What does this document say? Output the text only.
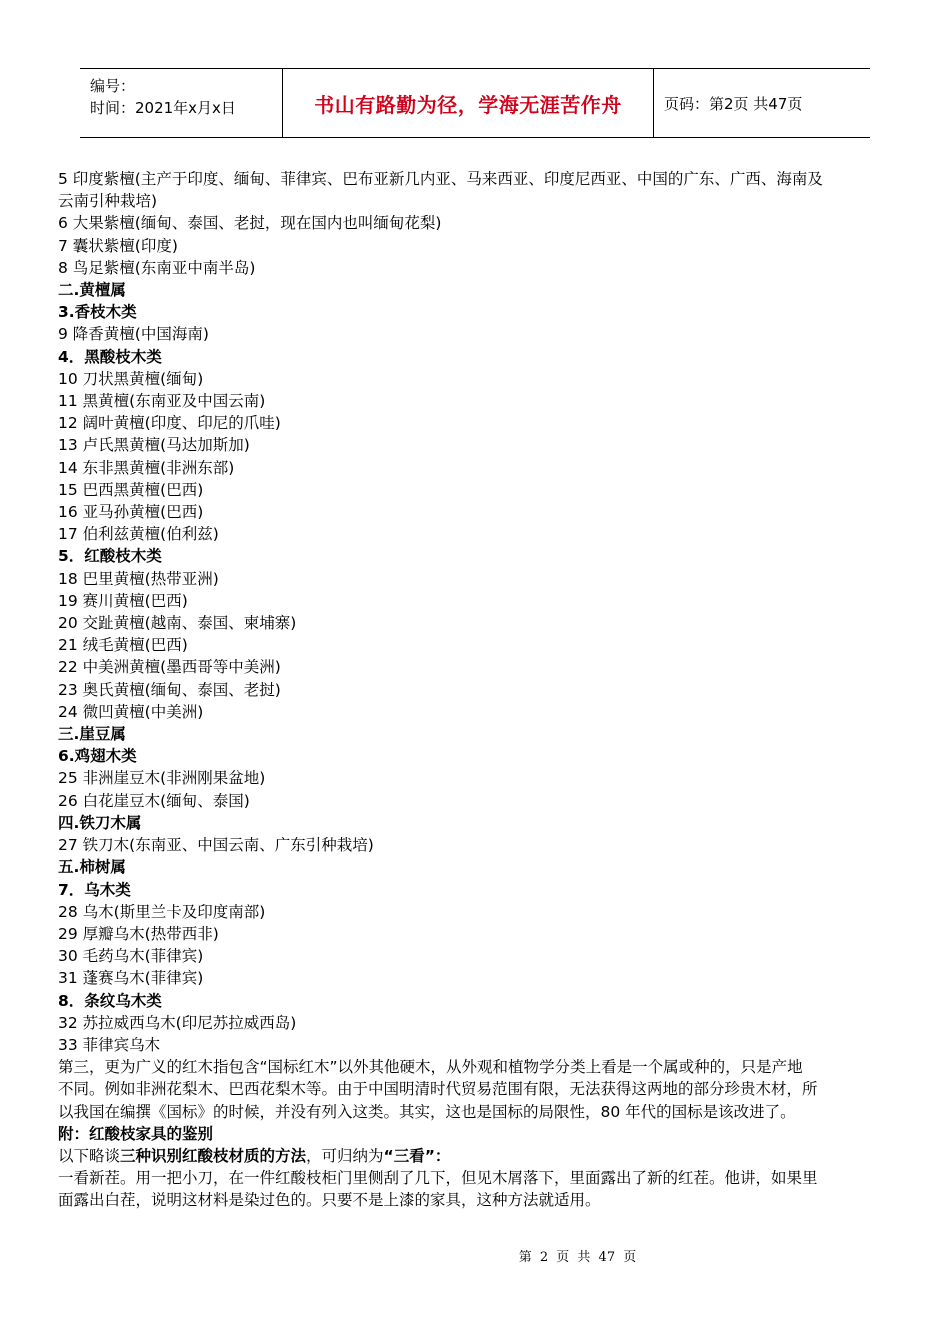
编号：
时间：2021年x月x日	书山有路勤为径，学海无涯苦作舟	页码：第2页 共47页

5 印度紫檀(主产于印度、缅甸、菲律宾、巴布亚新几内亚、马来西亚、印度尼西亚、中国的广东、广西、海南及

云南引种栽培)

6 大果紫檀(缅甸、泰国、老挝，现在国内也叫缅甸花梨)

7 囊状紫檀(印度)

8 鸟足紫檀(东南亚中南半岛)

二.黄檀属

3.香枝木类

9 降香黄檀(中国海南)

4．黑酸枝木类

10 刀状黑黄檀(缅甸)

11 黑黄檀(东南亚及中国云南)

12 阔叶黄檀(印度、印尼的爪哇)

13 卢氏黑黄檀(马达加斯加)

14 东非黑黄檀(非洲东部)

15 巴西黑黄檀(巴西)

16 亚马孙黄檀(巴西)

17 伯利兹黄檀(伯利兹)

5．红酸枝木类

18 巴里黄檀(热带亚洲)

19 赛川黄檀(巴西)

20 交趾黄檀(越南、泰国、柬埔寨)

21 绒毛黄檀(巴西)

22 中美洲黄檀(墨西哥等中美洲)

23 奥氏黄檀(缅甸、泰国、老挝)

24 微凹黄檀(中美洲)

三.崖豆属

6.鸡翅木类

25 非洲崖豆木(非洲刚果盆地)

26 白花崖豆木(缅甸、泰国)

四.铁刀木属

27 铁刀木(东南亚、中国云南、广东引种栽培)

五.柿树属

7．乌木类

28 乌木(斯里兰卡及印度南部)

29 厚瓣乌木(热带西非)

30 毛药乌木(菲律宾)

31 蓬赛乌木(菲律宾)

8．条纹乌木类

32 苏拉威西乌木(印尼苏拉威西岛)

33 菲律宾乌木

第三，更为广义的红木指包含“国标红木”以外其他硬木，从外观和植物学分类上看是一个属或种的，只是产地

不同。例如非洲花梨木、巴西花梨木等。由于中国明清时代贸易范围有限，无法获得这两地的部分珍贵木材，所

以我国在编撰《国标》的时候，并没有列入这类。其实，这也是国标的局限性，80 年代的国标是该改进了。

附：红酸枝家具的鉴别

以下略谈三种识别红酸枝材质的方法，可归纳为“三看”：

一看新茬。用一把小刀，在一件红酸枝柜门里侧刮了几下，但见木屑落下，里面露出了新的红茬。他讲，如果里

面露出白茬，说明这材料是染过色的。只要不是上漆的家具，这种方法就适用。

第 2 页 共 47 页
